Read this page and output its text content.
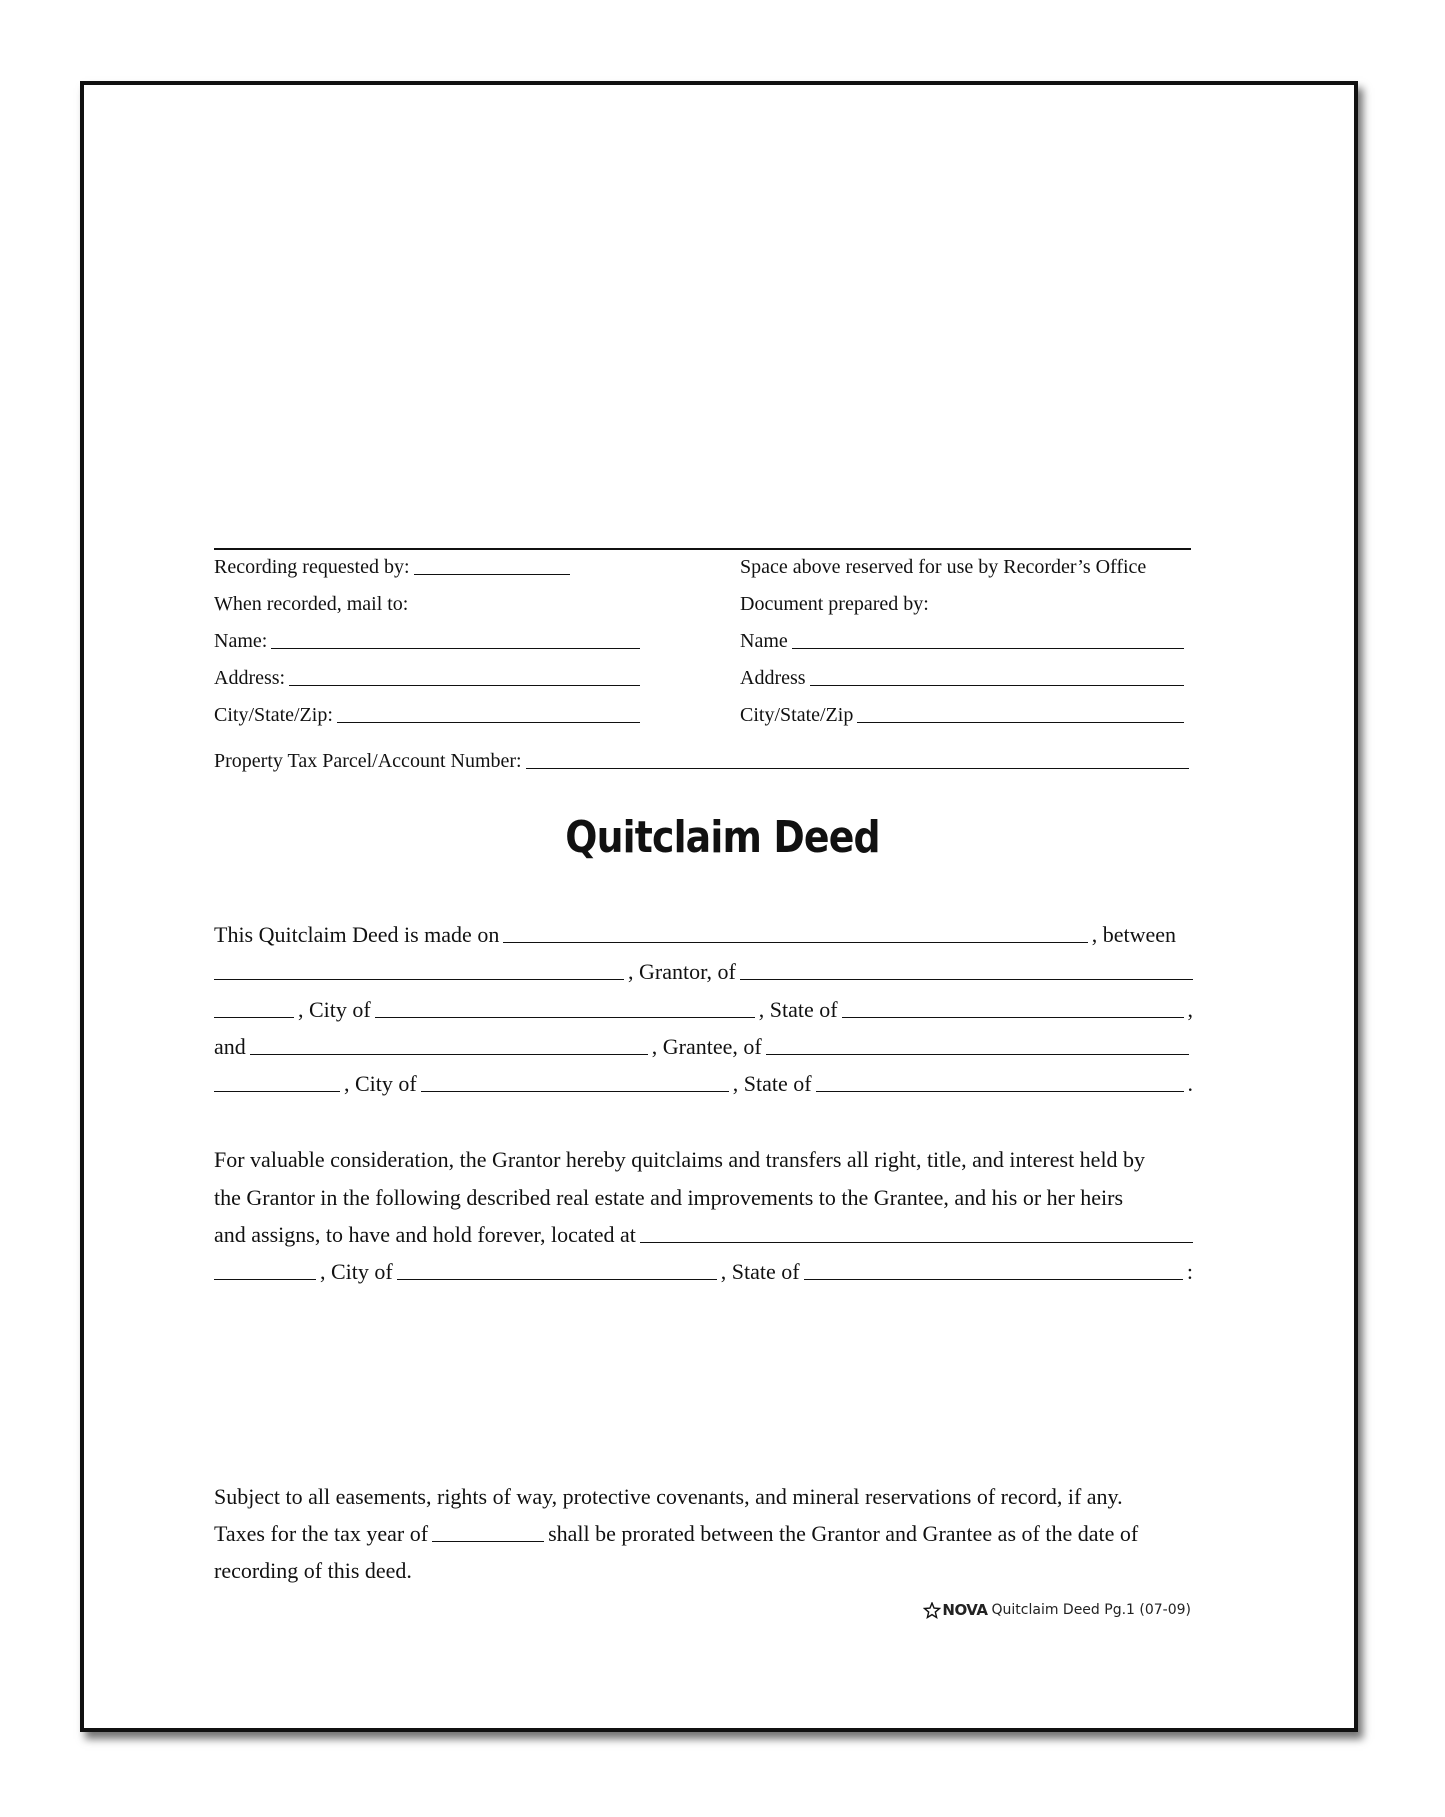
Recording requested by:	Space above reserved for use by Recorder’s Office
When recorded, mail to:	Document prepared by:
Name:	Name
Address:	Address
City/State/Zip:	City/State/Zip
Property Tax Parcel/Account Number:
Quitclaim Deed
This Quitclaim Deed is made on	, between
, Grantor, of
, City of	, State of	,
and	, Grantee, of
, City of	, State of	.
For valuable consideration, the Grantor hereby quitclaims and transfers all right, title, and interest held by
the Grantor in the following described real estate and improvements to the Grantee, and his or her heirs
and assigns, to have and hold forever, located at
, City of	, State of	:
Subject to all easements, rights of way, protective covenants, and mineral reservations of record, if any.
Taxes for the tax year of	shall be prorated between the Grantor and Grantee as of the date of
recording of this deed.
NOVA Quitclaim Deed Pg.1 (07-09)
